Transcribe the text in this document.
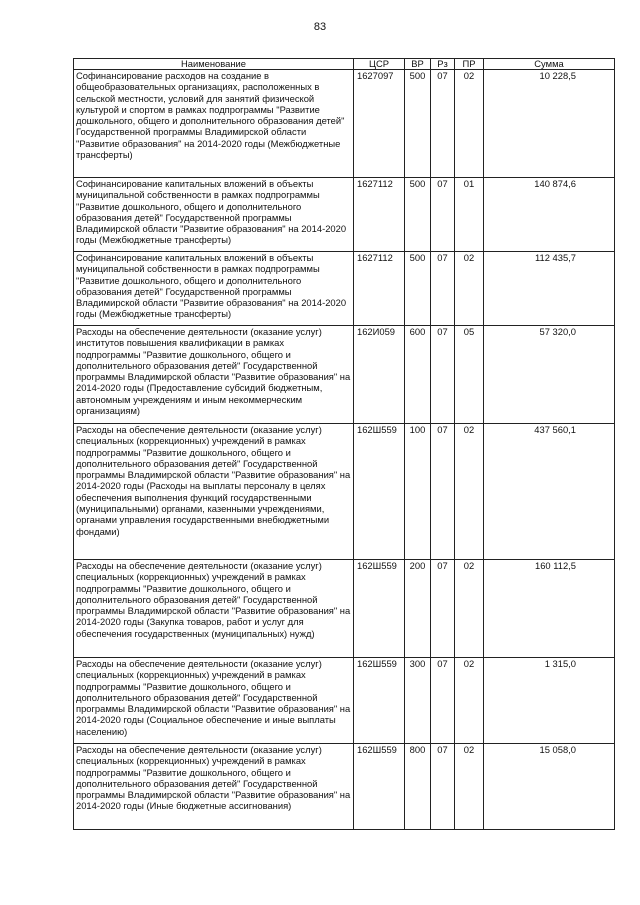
83
Наименование	ЦСР	ВР	Рз	ПР	Сумма
Софинансирование расходов на создание в общеобразовательных организациях, расположенных в сельской местности, условий для занятий физической культурой и спортом в рамках подпрограммы "Развитие дошкольного, общего и дополнительного образования детей" Государственной программы Владимирской области "Развитие образования" на 2014-2020 годы (Межбюджетные трансферты)	1627097	500	07	02	10 228,5
Софинансирование капитальных вложений в объекты муниципальной собственности в рамках подпрограммы "Развитие дошкольного, общего и дополнительного образования детей" Государственной программы Владимирской области "Развитие образования" на 2014-2020 годы (Межбюджетные трансферты)	1627112	500	07	01	140 874,6
Софинансирование капитальных вложений в объекты муниципальной собственности в рамках подпрограммы "Развитие дошкольного, общего и дополнительного образования детей" Государственной программы Владимирской области "Развитие образования" на 2014-2020 годы (Межбюджетные трансферты)	1627112	500	07	02	112 435,7
Расходы на обеспечение деятельности (оказание услуг) институтов повышения квалификации в рамках подпрограммы "Развитие дошкольного, общего и дополнительного образования детей" Государственной программы Владимирской области "Развитие образования" на 2014-2020 годы (Предоставление субсидий бюджетным, автономным учреждениям и иным некоммерческим организациям)	162И059	600	07	05	57 320,0
Расходы на обеспечение деятельности (оказание услуг) специальных (коррекционных) учреждений в рамках подпрограммы "Развитие дошкольного, общего и дополнительного образования детей" Государственной программы Владимирской области "Развитие образования" на 2014-2020 годы (Расходы на выплаты персоналу в целях обеспечения выполнения функций государственными (муниципальными) органами, казенными учреждениями, органами управления государственными внебюджетными фондами)	162Ш559	100	07	02	437 560,1
Расходы на обеспечение деятельности (оказание услуг) специальных (коррекционных) учреждений в рамках подпрограммы "Развитие дошкольного, общего и дополнительного образования детей" Государственной программы Владимирской области "Развитие образования" на 2014-2020 годы (Закупка товаров, работ и услуг для обеспечения государственных (муниципальных) нужд)	162Ш559	200	07	02	160 112,5
Расходы на обеспечение деятельности (оказание услуг) специальных (коррекционных) учреждений в рамках подпрограммы "Развитие дошкольного, общего и дополнительного образования детей" Государственной программы Владимирской области "Развитие образования" на 2014-2020 годы (Социальное обеспечение и иные выплаты населению)	162Ш559	300	07	02	1 315,0
Расходы на обеспечение деятельности (оказание услуг) специальных (коррекционных) учреждений в рамках подпрограммы "Развитие дошкольного, общего и дополнительного образования детей" Государственной программы Владимирской области "Развитие образования" на 2014-2020 годы (Иные бюджетные ассигнования)	162Ш559	800	07	02	15 058,0
